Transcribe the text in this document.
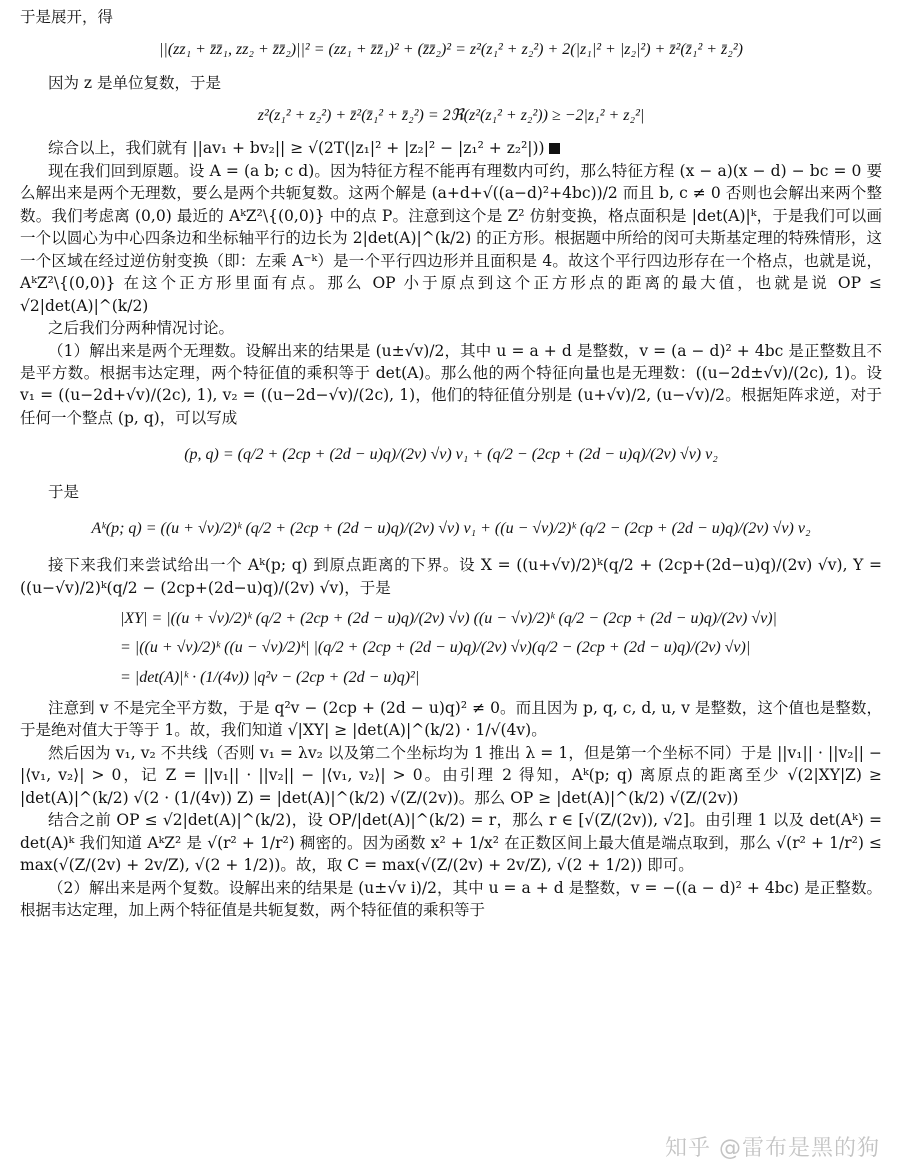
于是展开，得

||(zz₁ + z̄z̄₁, zz₂ + z̄z̄₂)||² = (zz₁ + z̄z̄₁)² + (z̄z̄₂)² = z²(z₁² + z₂²) + 2(|z₁|² + |z₂|²) + z̄²(z̄₁² + z̄₂²)

因为 z 是单位复数，于是

z²(z₁² + z₂²) + z̄²(z̄₁² + z̄₂²) = 2ℜ(z²(z₁² + z₂²)) ≥ −2|z₁² + z₂²|

综合以上，我们就有 ||av₁ + bv₂|| ≥ √(2T(|z₁|² + |z₂|² − |z₁² + z₂²|))

现在我们回到原题。设 A = (a b; c d)。因为特征方程不能再有理数内可约，那么特征方程 (x − a)(x − d) − bc = 0 要么解出来是两个无理数，要么是两个共轭复数。这两个解是 (a+d+√((a−d)²+4bc))/2 而且 b, c ≠ 0 否则也会解出来两个整数。我们考虑离 (0,0) 最近的 AᵏZ²\{(0,0)} 中的点 P。注意到这个是 Z² 仿射变换，格点面积是 |det(A)|ᵏ，于是我们可以画一个以圆心为中心四条边和坐标轴平行的边长为 2|det(A)|^(k/2) 的正方形。根据题中所给的闵可夫斯基定理的特殊情形，这一个区域在经过逆仿射变换（即：左乘 A⁻ᵏ）是一个平行四边形并且面积是 4。故这个平行四边形存在一个格点，也就是说，AᵏZ²\{(0,0)} 在这个正方形里面有点。那么 OP 小于原点到这个正方形点的距离的最大值，也就是说 OP ≤ √2|det(A)|^(k/2)

之后我们分两种情况讨论。

（1）解出来是两个无理数。设解出来的结果是 (u±√v)/2，其中 u = a + d 是整数，v = (a − d)² + 4bc 是正整数且不是平方数。根据韦达定理，两个特征值的乘积等于 det(A)。那么他的两个特征向量也是无理数：((u−2d±√v)/(2c), 1)。设 v₁ = ((u−2d+√v)/(2c), 1), v₂ = ((u−2d−√v)/(2c), 1)，他们的特征值分别是 (u+√v)/2, (u−√v)/2。根据矩阵求逆，对于任何一个整点 (p, q)，可以写成

(p, q) = (q/2 + (2cp + (2d − u)q)/(2v) √v) v₁ + (q/2 − (2cp + (2d − u)q)/(2v) √v) v₂

于是

Aᵏ(p; q) = ((u + √v)/2)ᵏ (q/2 + (2cp + (2d − u)q)/(2v) √v) v₁ + ((u − √v)/2)ᵏ (q/2 − (2cp + (2d − u)q)/(2v) √v) v₂

接下来我们来尝试给出一个 Aᵏ(p; q) 到原点距离的下界。设 X = ((u+√v)/2)ᵏ(q/2 + (2cp+(2d−u)q)/(2v) √v), Y = ((u−√v)/2)ᵏ(q/2 − (2cp+(2d−u)q)/(2v) √v)，于是

|XY| = |((u + √v)/2)ᵏ (q/2 + (2cp + (2d − u)q)/(2v) √v) ((u − √v)/2)ᵏ (q/2 − (2cp + (2d − u)q)/(2v) √v)|
= |((u + √v)/2)ᵏ ((u − √v)/2)ᵏ| |(q/2 + (2cp + (2d − u)q)/(2v) √v)(q/2 − (2cp + (2d − u)q)/(2v) √v)|
= |det(A)|ᵏ · (1/(4v)) |q²v − (2cp + (2d − u)q)²|

注意到 v 不是完全平方数，于是 q²v − (2cp + (2d − u)q)² ≠ 0。而且因为 p, q, c, d, u, v 是整数，这个值也是整数，于是绝对值大于等于 1。故，我们知道 √|XY| ≥ |det(A)|^(k/2) · 1/√(4v)。

然后因为 v₁, v₂ 不共线（否则 v₁ = λv₂ 以及第二个坐标均为 1 推出 λ = 1，但是第一个坐标不同）于是 ||v₁|| · ||v₂|| − |⟨v₁, v₂⟩| > 0，记 Z = ||v₁|| · ||v₂|| − |⟨v₁, v₂⟩| > 0。由引理 2 得知，Aᵏ(p; q) 离原点的距离至少 √(2|XY|Z) ≥ |det(A)|^(k/2) √(2 · (1/(4v)) Z) = |det(A)|^(k/2) √(Z/(2v))。那么 OP ≥ |det(A)|^(k/2) √(Z/(2v))

结合之前 OP ≤ √2|det(A)|^(k/2)，设 OP/|det(A)|^(k/2) = r，那么 r ∈ [√(Z/(2v)), √2]。由引理 1 以及 det(Aᵏ) = det(A)ᵏ 我们知道 AᵏZ² 是 √(r² + 1/r²) 稠密的。因为函数 x² + 1/x² 在正数区间上最大值是端点取到，那么 √(r² + 1/r²) ≤ max(√(Z/(2v) + 2v/Z), √(2 + 1/2))。故，取 C = max(√(Z/(2v) + 2v/Z), √(2 + 1/2)) 即可。

（2）解出来是两个复数。设解出来的结果是 (u±√v i)/2，其中 u = a + d 是整数，v = −((a − d)² + 4bc) 是正整数。根据韦达定理，加上两个特征值是共轭复数，两个特征值的乘积等于

知乎 @雷布是黑的狗
